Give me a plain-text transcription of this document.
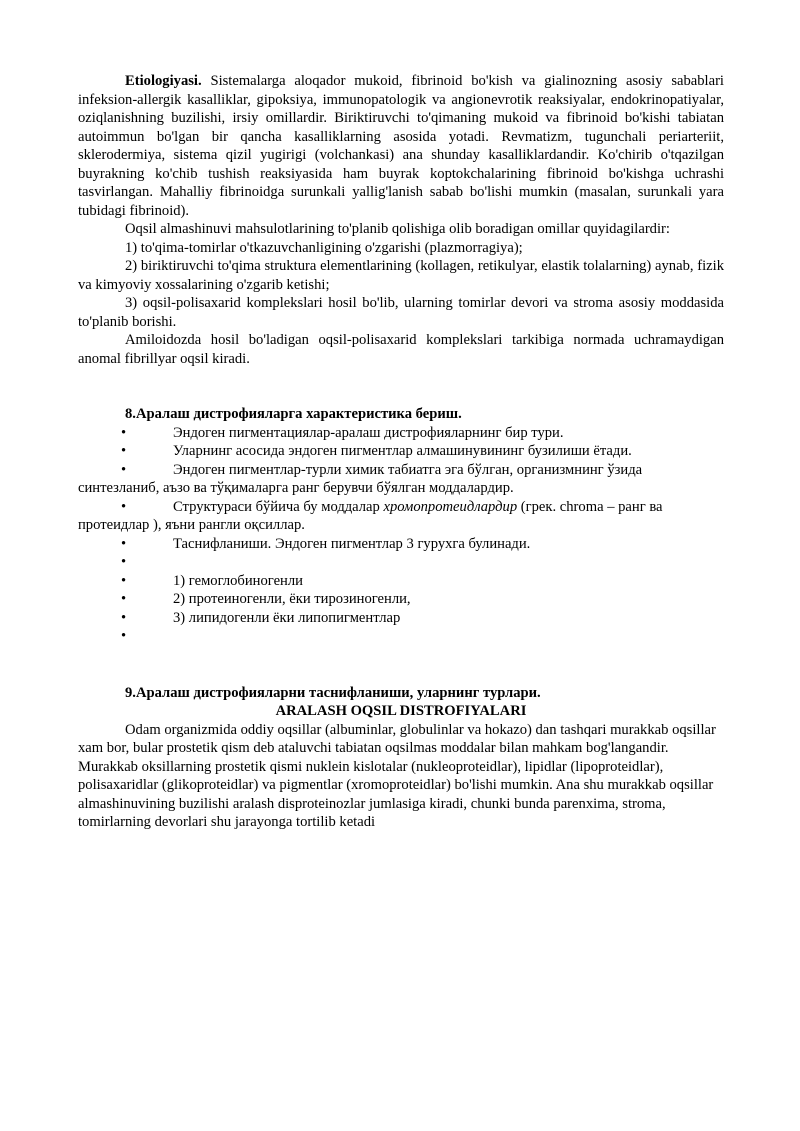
Etiologiyasi. Sistemalarga aloqador mukoid, fibrinoid bo'kish va gialinozning asosiy sabablari infeksion-allergik kasalliklar, gipoksiya, immunopatologik va angionevrotik reaksiyalar, endokrinopatiyalar, oziqlanishning buzilishi, irsiy omillardir. Biriktiruvchi to'qimaning mukoid va fibrinoid bo'kishi tabiatan autoimmun bo'lgan bir qancha kasalliklarning asosida yotadi. Revmatizm, tugunchali periarteriit, sklerodermiya, sistema qizil yugirigi (volchankasi) ana shunday kasalliklardandir. Ko'chirib o'tqazilgan buyrakning ko'chib tushish reaksiyasida ham buyrak koptokchalarining fibrinoid bo'kishga uchrashi tasvirlangan. Mahalliy fibrinoidga surunkali yallig'lanish sabab bo'lishi mumkin (masalan, surunkali yara tubidagi fibrinoid).

Oqsil almashinuvi mahsulotlarining to'planib qolishiga olib boradigan omillar quyidagilardir:

1) to'qima-tomirlar o'tkazuvchanligining o'zgarishi (plazmorragiya);

2) biriktiruvchi to'qima struktura elementlarining (kollagen, retikulyar, elastik tolalarning) aynab, fizik va kimyoviy xossalarining o'zgarib ketishi;

3) oqsil-polisaxarid komplekslari hosil bo'lib, ularning tomirlar devori va stroma asosiy moddasida to'planib borishi.

Amiloidozda hosil bo'ladigan oqsil-polisaxarid komplekslari tarkibiga normada uchramaydigan anomal fibrillyar oqsil kiradi.

8.Аралаш дистрофияларга характеристика бериш.

•	Эндоген пигментациялар-аралаш дистрофияларнинг бир тури.

•	Уларнинг асосида эндоген пигментлар алмашинувининг бузилиши ётади.

•	Эндоген пигментлар-турли химик табиатга эга бўлган, организмнинг ўзида синтезланиб, аъзо ва тўқималарга ранг берувчи бўялган моддалардир.

•	Структураси бўйича бу моддалар хромопротеидлардир (грек. chroma – ранг ва протеидлар ), яъни рангли оқсиллар.

•	Таснифланиши. Эндоген пигментлар 3 гурухга булинади.

•

•	1) гемоглобиногенли

•	2) протеиногенли, ёки тирозиногенли,

•	3) липидогенли ёки липопигментлар

•

9.Аралаш дистрофияларни таснифланиши, уларнинг турлари.

ARALASH OQSIL DISTROFIYALARI

Odam organizmida oddiy oqsillar (albuminlar, globulinlar va hokazo) dan tashqari murakkab oqsillar xam bor, bular prostetik qism deb ataluvchi tabiatan oqsilmas moddalar bilan mahkam bog'langandir. Murakkab oksillarning prostetik qismi nuklein kislotalar (nukleoproteidlar), lipidlar (lipoproteidlar), polisaxaridlar (glikoproteidlar) va pigmentlar (xromoproteidlar) bo'lishi mumkin. Ana shu murakkab oqsillar almashinuvining buzilishi aralash disproteinozlar jumlasiga kiradi, chunki bunda parenxima, stroma, tomirlarning devorlari shu jarayonga tortilib ketadi
